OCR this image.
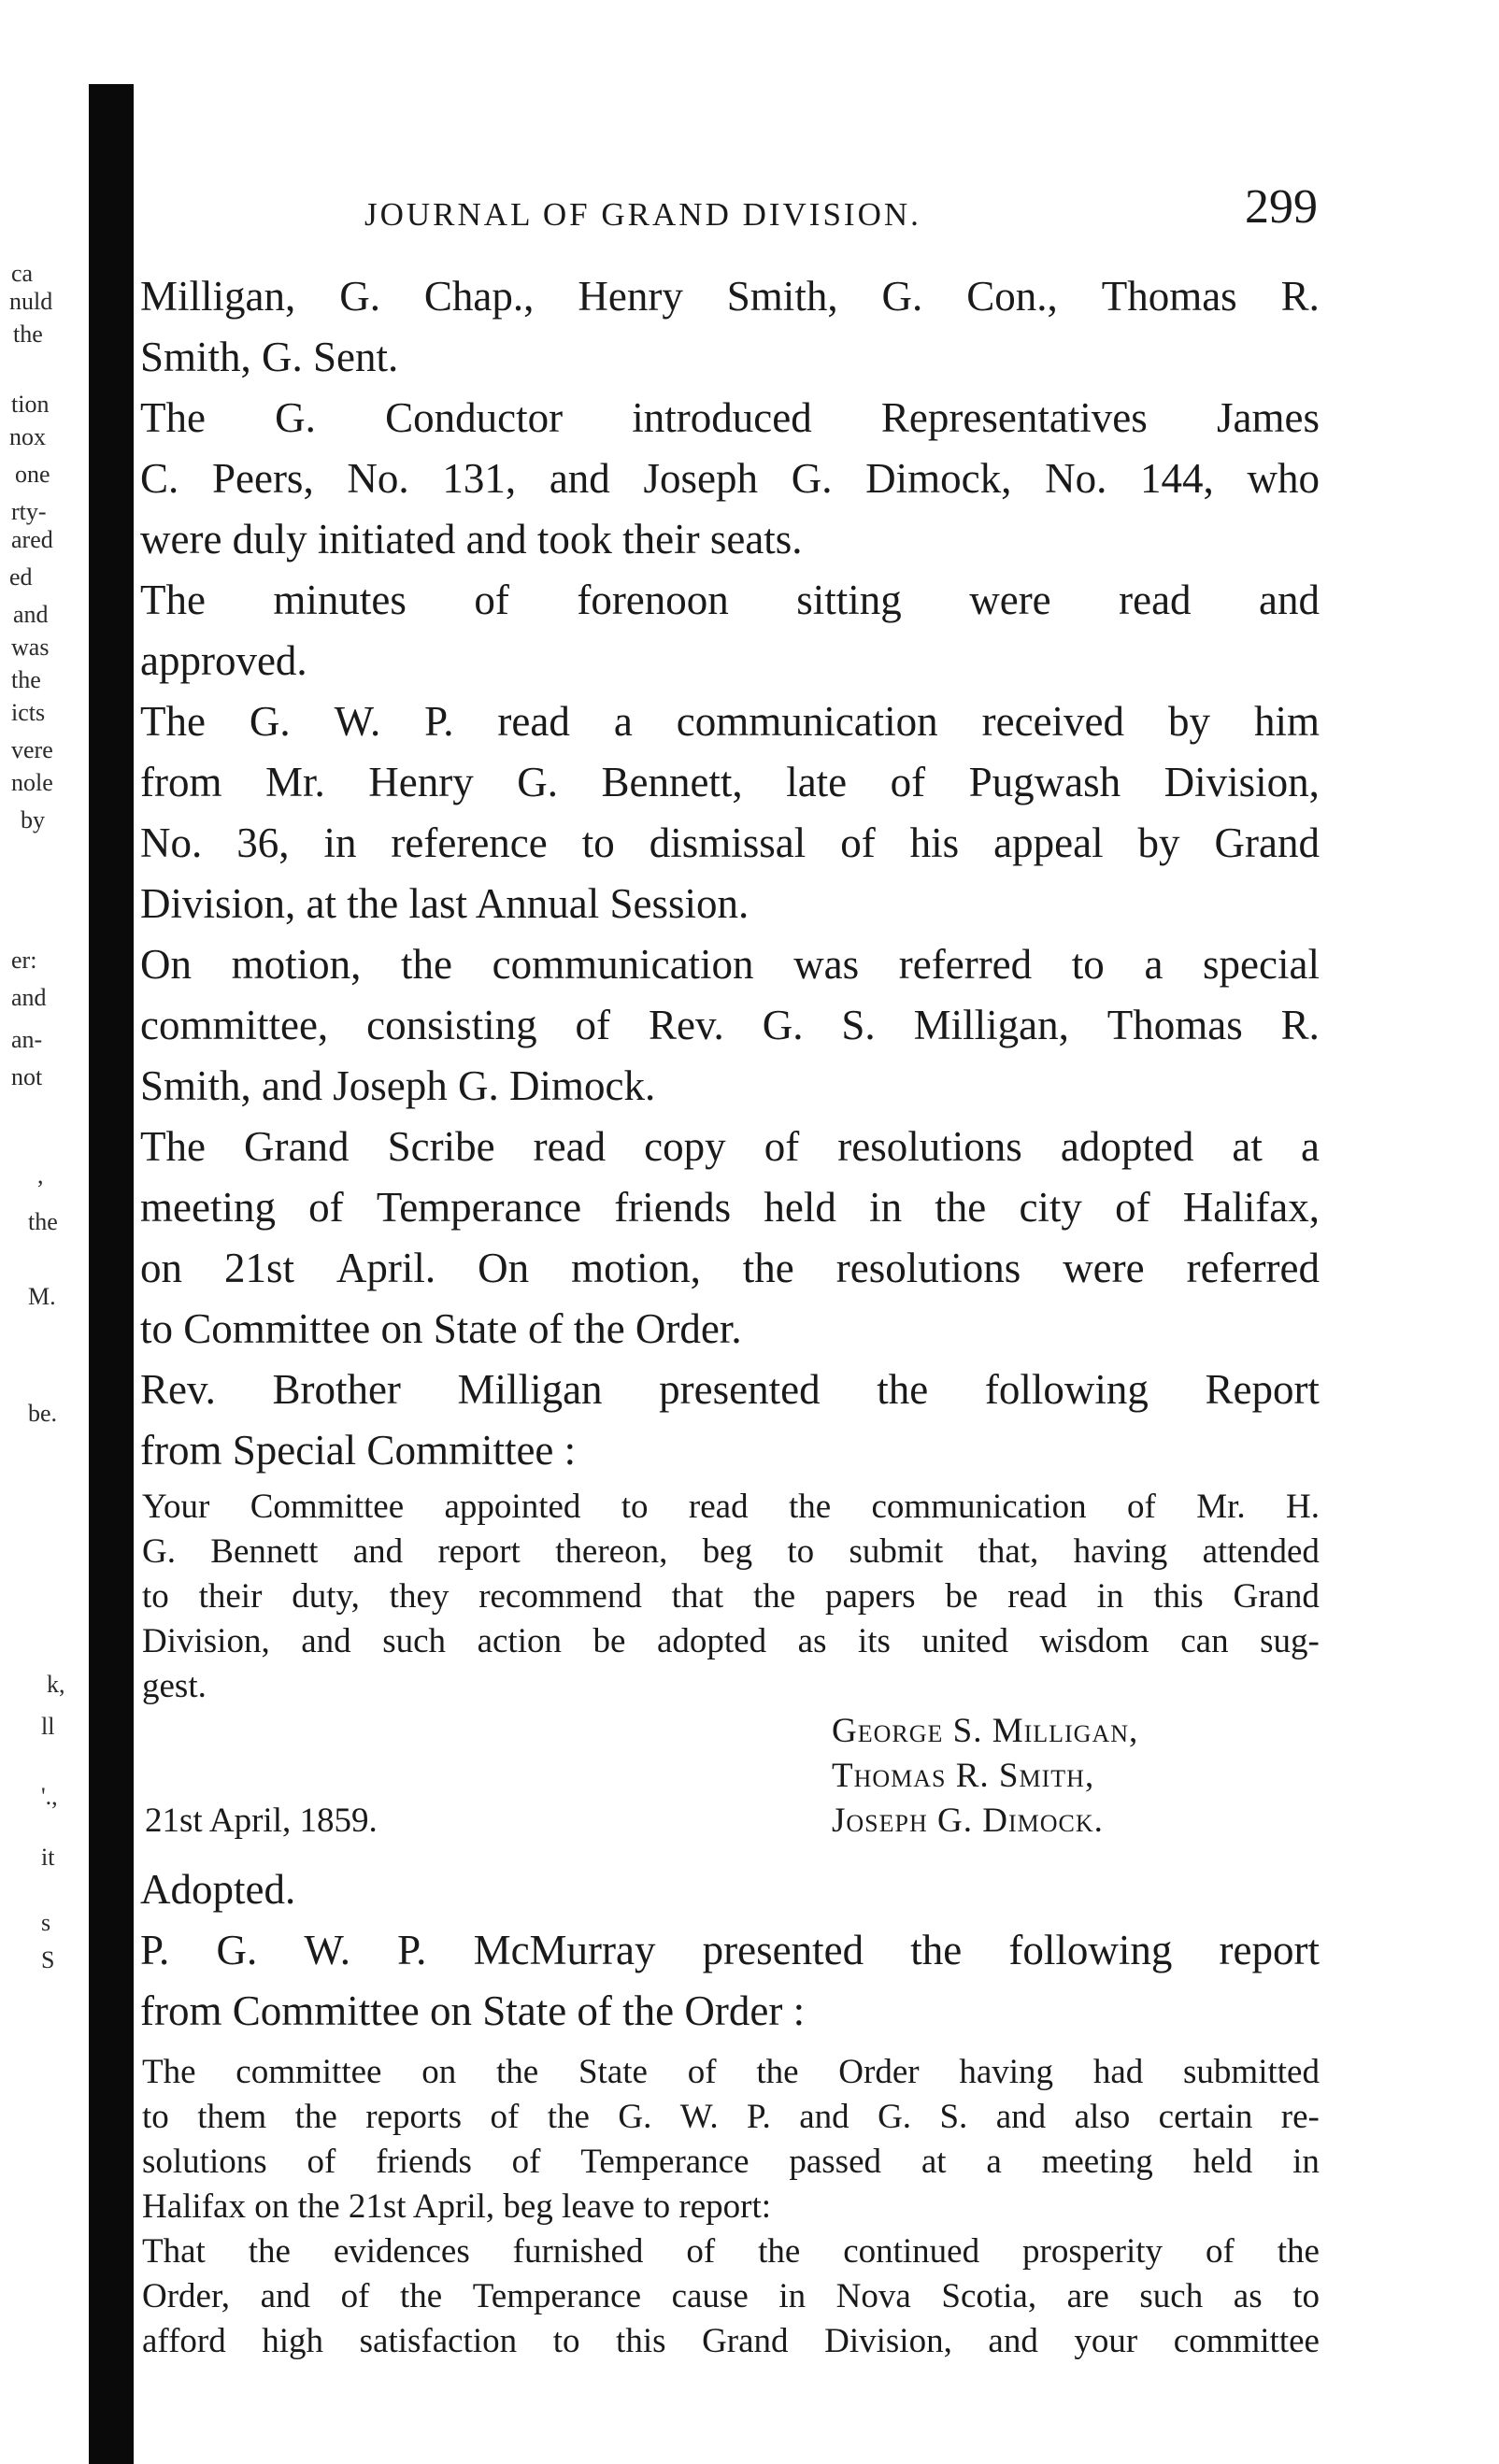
ca
nuld
the
tion
nox
one
rty-
ared
ed
and
was
the
icts
vere
nole
by
er:
and
an-
not
,
the
M.
be.
k,
ll
'.,
it
s
S
JOURNAL OF GRAND DIVISION.	299
Milligan, G. Chap., Henry Smith, G. Con., Thomas R.
Smith, G. Sent.
The G. Conductor introduced Representatives James
C. Peers, No. 131, and Joseph G. Dimock, No. 144, who
were duly initiated and took their seats.
The minutes of forenoon sitting were read and
approved.
The G. W. P. read a communication received by him
from Mr. Henry G. Bennett, late of Pugwash Division,
No. 36, in reference to dismissal of his appeal by Grand
Division, at the last Annual Session.
On motion, the communication was referred to a special
committee, consisting of Rev. G. S. Milligan, Thomas R.
Smith, and Joseph G. Dimock.
The Grand Scribe read copy of resolutions adopted at a
meeting of Temperance friends held in the city of Halifax,
on 21st April. On motion, the resolutions were referred
to Committee on State of the Order.
Rev. Brother Milligan presented the following Report
from Special Committee :
Your Committee appointed to read the communication of Mr. H.
G. Bennett and report thereon, beg to submit that, having attended
to their duty, they recommend that the papers be read in this Grand
Division, and such action be adopted as its united wisdom can sug-
gest.
George S. Milligan,
Thomas R. Smith,
Joseph G. Dimock.
21st April, 1859.
Adopted.
P. G. W. P. McMurray presented the following report
from Committee on State of the Order :
The committee on the State of the Order having had submitted
to them the reports of the G. W. P. and G. S. and also certain re-
solutions of friends of Temperance passed at a meeting held in
Halifax on the 21st April, beg leave to report:
That the evidences furnished of the continued prosperity of the
Order, and of the Temperance cause in Nova Scotia, are such as to
afford high satisfaction to this Grand Division, and your committee
